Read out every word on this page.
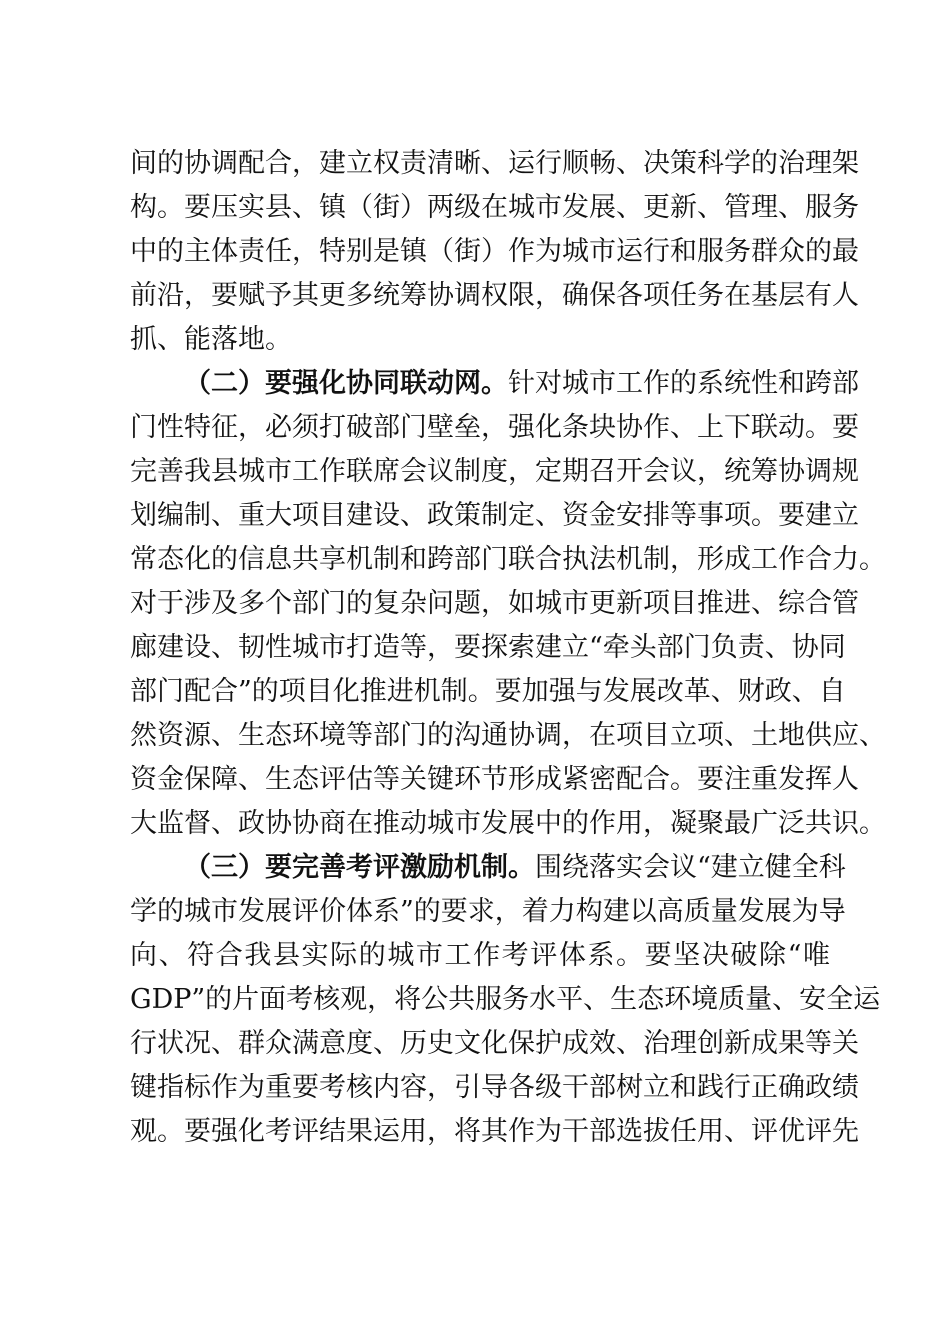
间的协调配合，建立权责清晰、运行顺畅、决策科学的治理架
构。要压实县、镇（街）两级在城市发展、更新、管理、服务
中的主体责任，特别是镇（街）作为城市运行和服务群众的最
前沿，要赋予其更多统筹协调权限，确保各项任务在基层有人
抓、能落地。
（二）要强化协同联动网。针对城市工作的系统性和跨部
门性特征，必须打破部门壁垒，强化条块协作、上下联动。要
完善我县城市工作联席会议制度，定期召开会议，统筹协调规
划编制、重大项目建设、政策制定、资金安排等事项。要建立
常态化的信息共享机制和跨部门联合执法机制，形成工作合力。
对于涉及多个部门的复杂问题，如城市更新项目推进、综合管
廊建设、韧性城市打造等，要探索建立“牵头部门负责、协同
部门配合”的项目化推进机制。要加强与发展改革、财政、自
然资源、生态环境等部门的沟通协调，在项目立项、土地供应、
资金保障、生态评估等关键环节形成紧密配合。要注重发挥人
大监督、政协协商在推动城市发展中的作用，凝聚最广泛共识。
（三）要完善考评激励机制。围绕落实会议“建立健全科
学的城市发展评价体系”的要求，着力构建以高质量发展为导
向、符合我县实际的城市工作考评体系。要坚决破除“唯
GDP”的片面考核观，将公共服务水平、生态环境质量、安全运
行状况、群众满意度、历史文化保护成效、治理创新成果等关
键指标作为重要考核内容，引导各级干部树立和践行正确政绩
观。要强化考评结果运用，将其作为干部选拔任用、评优评先
